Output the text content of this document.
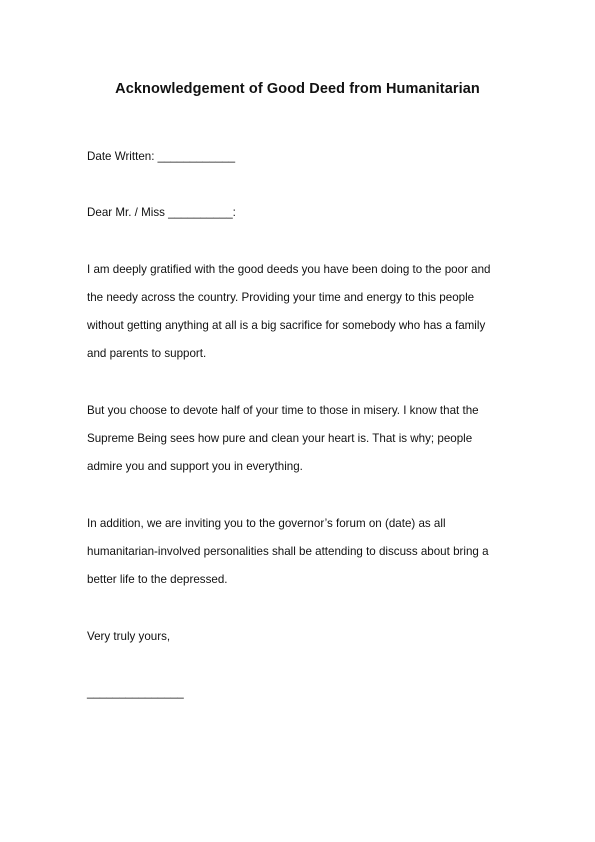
Acknowledgement of Good Deed from Humanitarian
Date Written: ____________
Dear Mr. / Miss __________:
I am deeply gratified with the good deeds you have been doing to the poor and
the needy across the country. Providing your time and energy to this people
without getting anything at all is a big sacrifice for somebody who has a family
and parents to support.
But you choose to devote half of your time to those in misery. I know that the
Supreme Being sees how pure and clean your heart is. That is why; people
admire you and support you in everything.
In addition, we are inviting you to the governor’s forum on (date) as all
humanitarian-involved personalities shall be attending to discuss about bring a
better life to the depressed.
Very truly yours,
_______________
